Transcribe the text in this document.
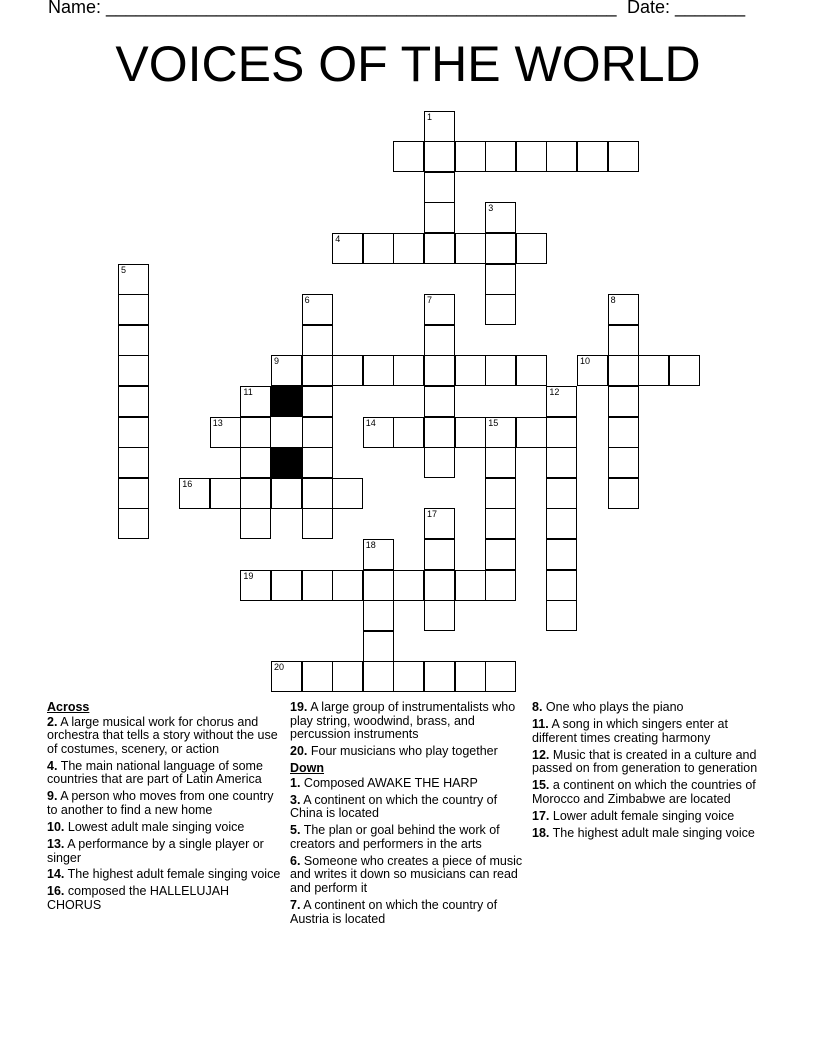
Name: ___________________________________________________ Date: _______
VOICES OF THE WORLD
1
3
4
5
6	7	8
9	10
11	12
13	14	15
16
17
18
19
20
Across
2. A large musical work for chorus and orchestra that tells a story without the use of costumes, scenery, or action
4. The main national language of some countries that are part of Latin America
9. A person who moves from one country to another to find a new home
10. Lowest adult male singing voice
13. A performance by a single player or singer
14. The highest adult female singing voice
16. composed the HALLELUJAH CHORUS
19. A large group of instrumentalists who play string, woodwind, brass, and percussion instruments
20. Four musicians who play together
Down
1. Composed AWAKE THE HARP
3. A continent on which the country of China is located
5. The plan or goal behind the work of creators and performers in the arts
6. Someone who creates a piece of music and writes it down so musicians can read and perform it
7. A continent on which the country of Austria is located
8. One who plays the piano
11. A song in which singers enter at different times creating harmony
12. Music that is created in a culture and passed on from generation to generation
15. a continent on which the countries of Morocco and Zimbabwe are located
17. Lower adult female singing voice
18. The highest adult male singing voice
